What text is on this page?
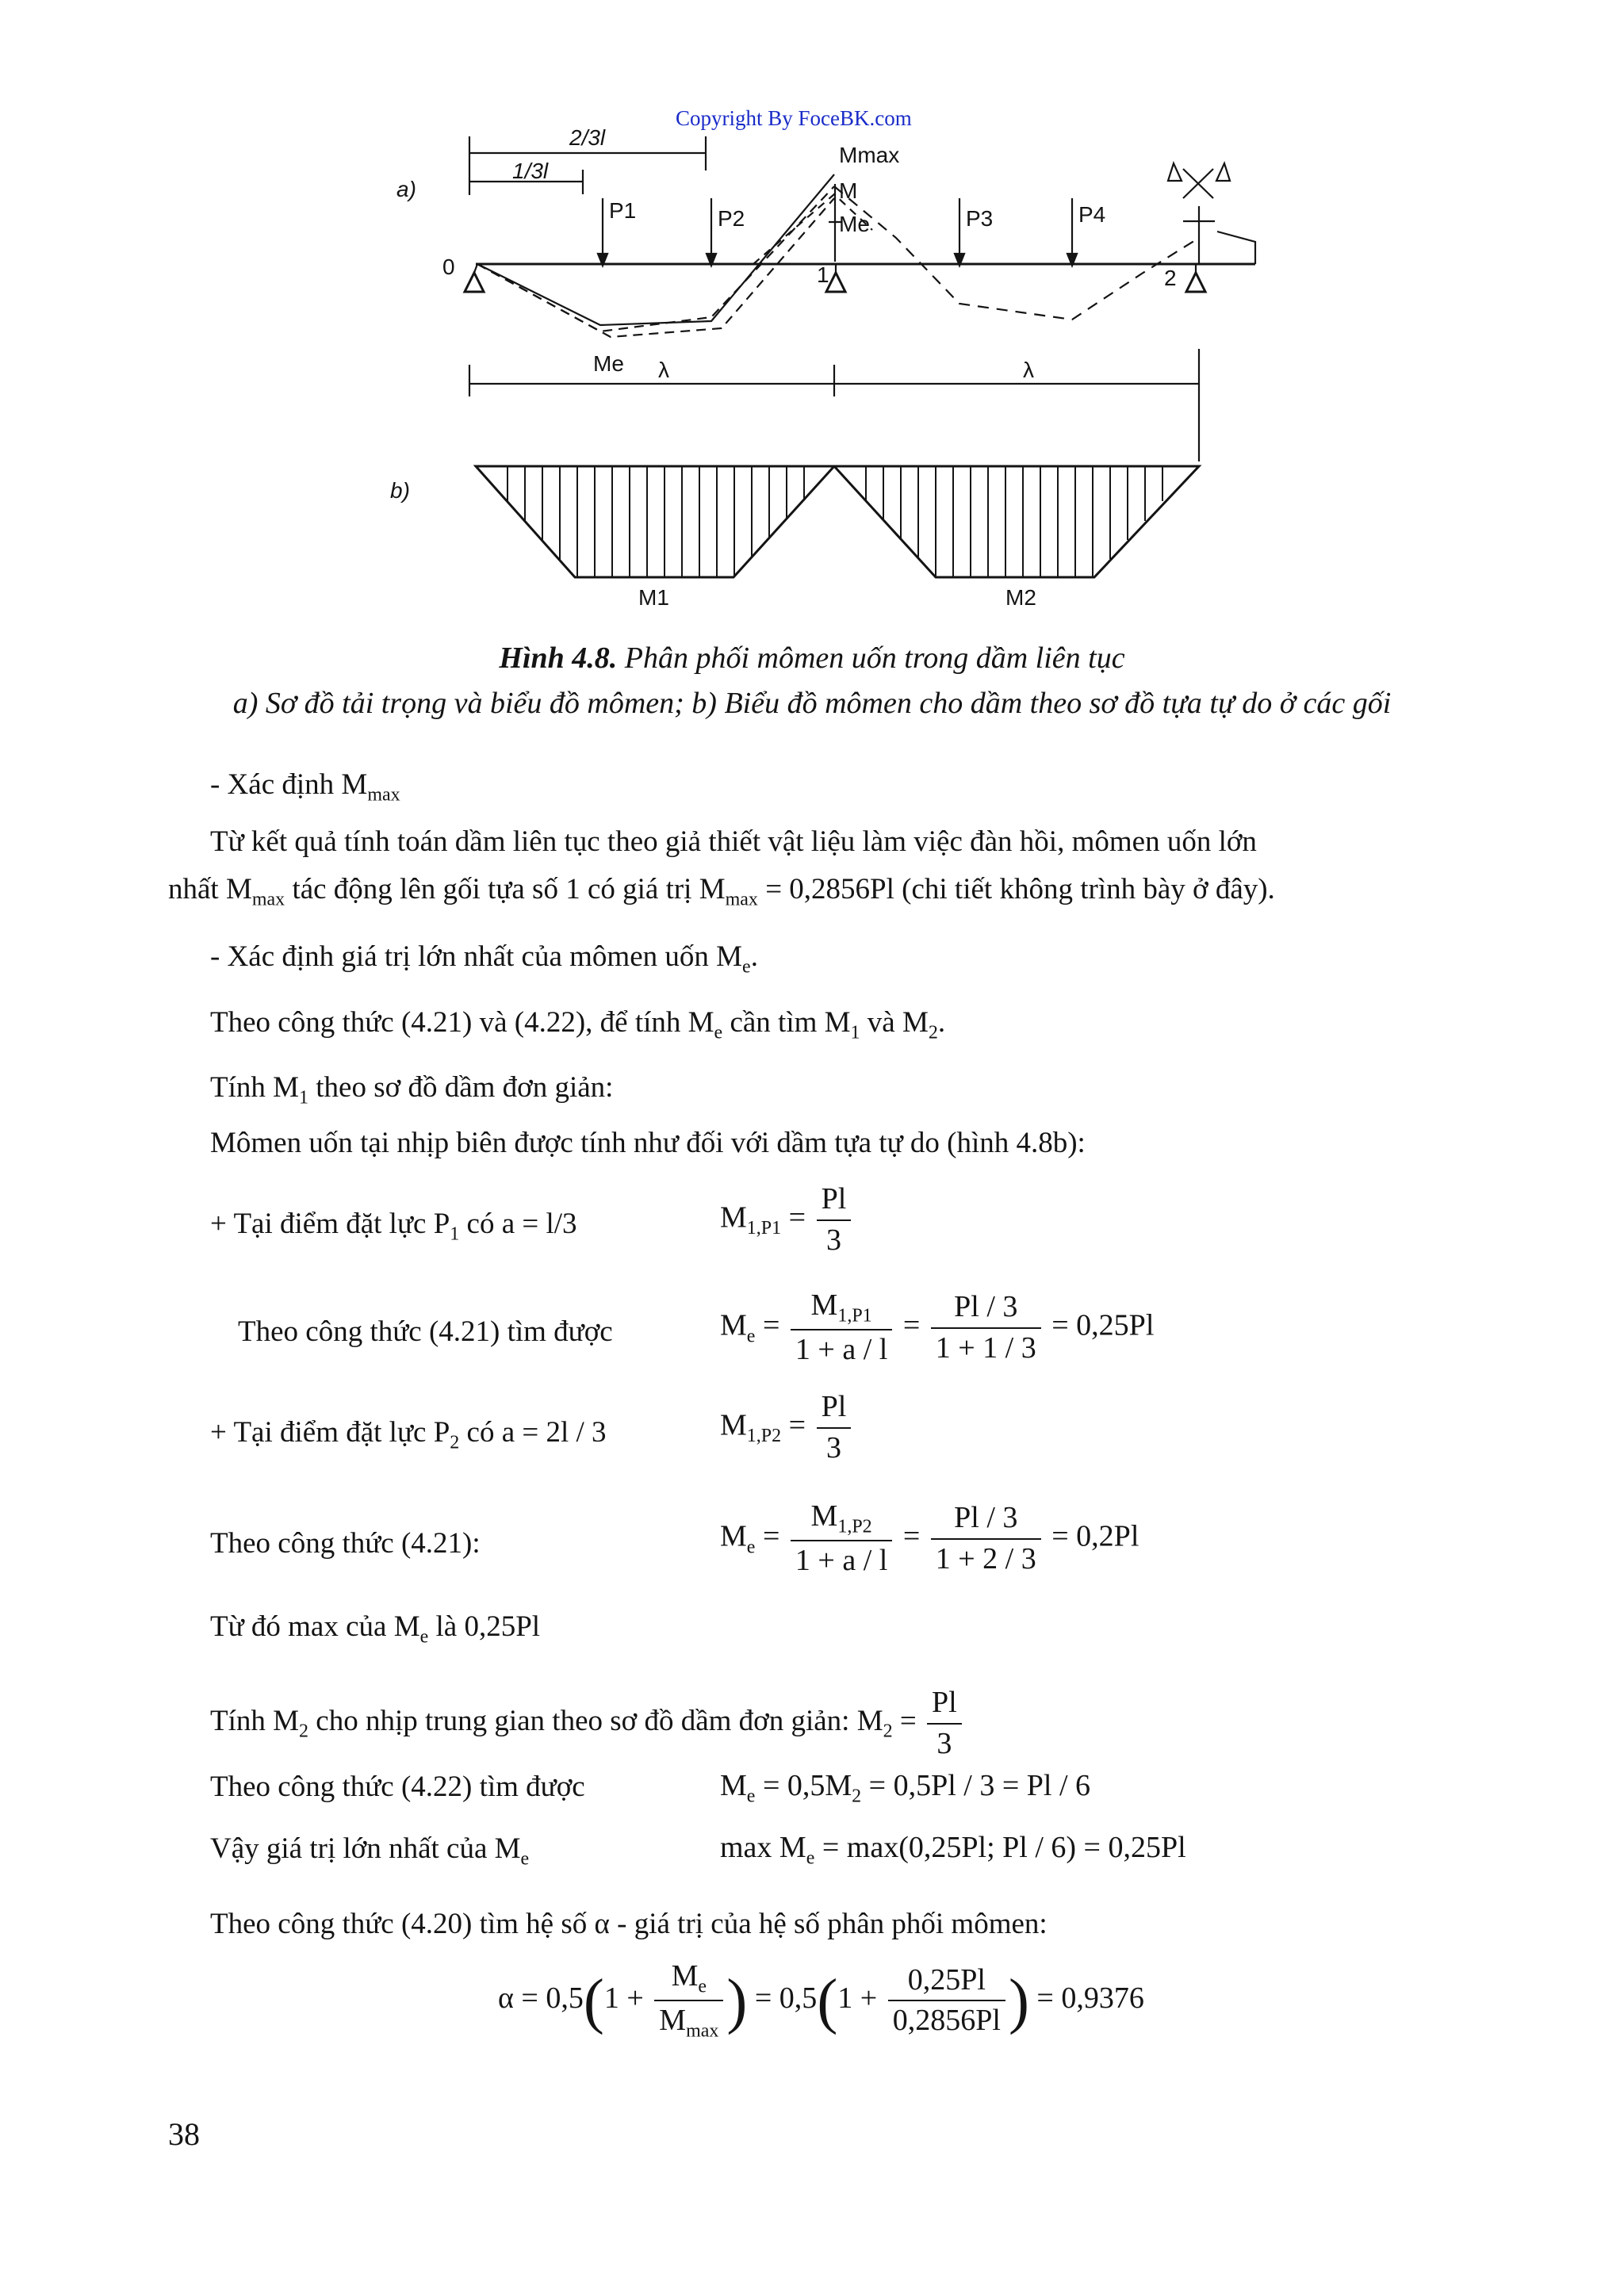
Copyright By FoceBK.com
a)
b)
2/3l
1/3l
Mmax
M
Me
Me
P1	P2	P3	P4
0	1	2
λ	λ
M1	M2
Hình 4.8. Phân phối mômen uốn trong dầm liên tục
a) Sơ đồ tải trọng và biểu đồ mômen; b) Biểu đồ mômen cho dầm theo sơ đồ tựa tự do ở các gối
- Xác định $M_{max}$
Từ kết quả tính toán dầm liên tục theo giả thiết vật liệu làm việc đàn hồi, mômen uốn lớn
nhất $M_{max}$ tác động lên gối tựa số 1 có giá trị $M_{max} = 0,2856Pl$ (chi tiết không trình bày ở đây).
- Xác định giá trị lớn nhất của mômen uốn $M_e$.
Theo công thức (4.21) và (4.22), để tính $M_e$ cần tìm $M_1$ và $M_2$.
Tính $M_1$ theo sơ đồ dầm đơn giản:
Mômen uốn tại nhịp biên được tính như đối với dầm tựa tự do (hình 4.8b):
+ Tại điểm đặt lực $P_1$ có a = l/3	$M_{1,P1} = \frac{Pl}{3}$
Theo công thức (4.21) tìm được	$M_e = \frac{M_{1,P1}}{1 + a / l} = \frac{Pl / 3}{1 + 1 / 3} = 0,25Pl$
+ Tại điểm đặt lực $P_2$ có a = 2l / 3	$M_{1,P2} = \frac{Pl}{3}$
Theo công thức (4.21):	$M_e = \frac{M_{1,P2}}{1 + a / l} = \frac{Pl / 3}{1 + 2 / 3} = 0,2Pl$
Từ đó max của $M_e$ là 0,25Pl
Tính $M_2$ cho nhịp trung gian theo sơ đồ dầm đơn giản: $M_2 = \frac{Pl}{3}$
Theo công thức (4.22) tìm được	$M_e = 0,5M_2 = 0,5Pl / 3 = Pl / 6$
Vậy giá trị lớn nhất của $M_e$	$\max M_e = \max(0,25Pl$; Pl / 6) = 0,25Pl
Theo công thức (4.20) tìm hệ số α - giá trị của hệ số phân phối mômen:
$\alpha = 0,5(1 + \frac{M_e}{M_{max}}$ ) = $0,5(1 + \frac{0,25Pl}{0,2856Pl}$ ) = 0,9376
38
